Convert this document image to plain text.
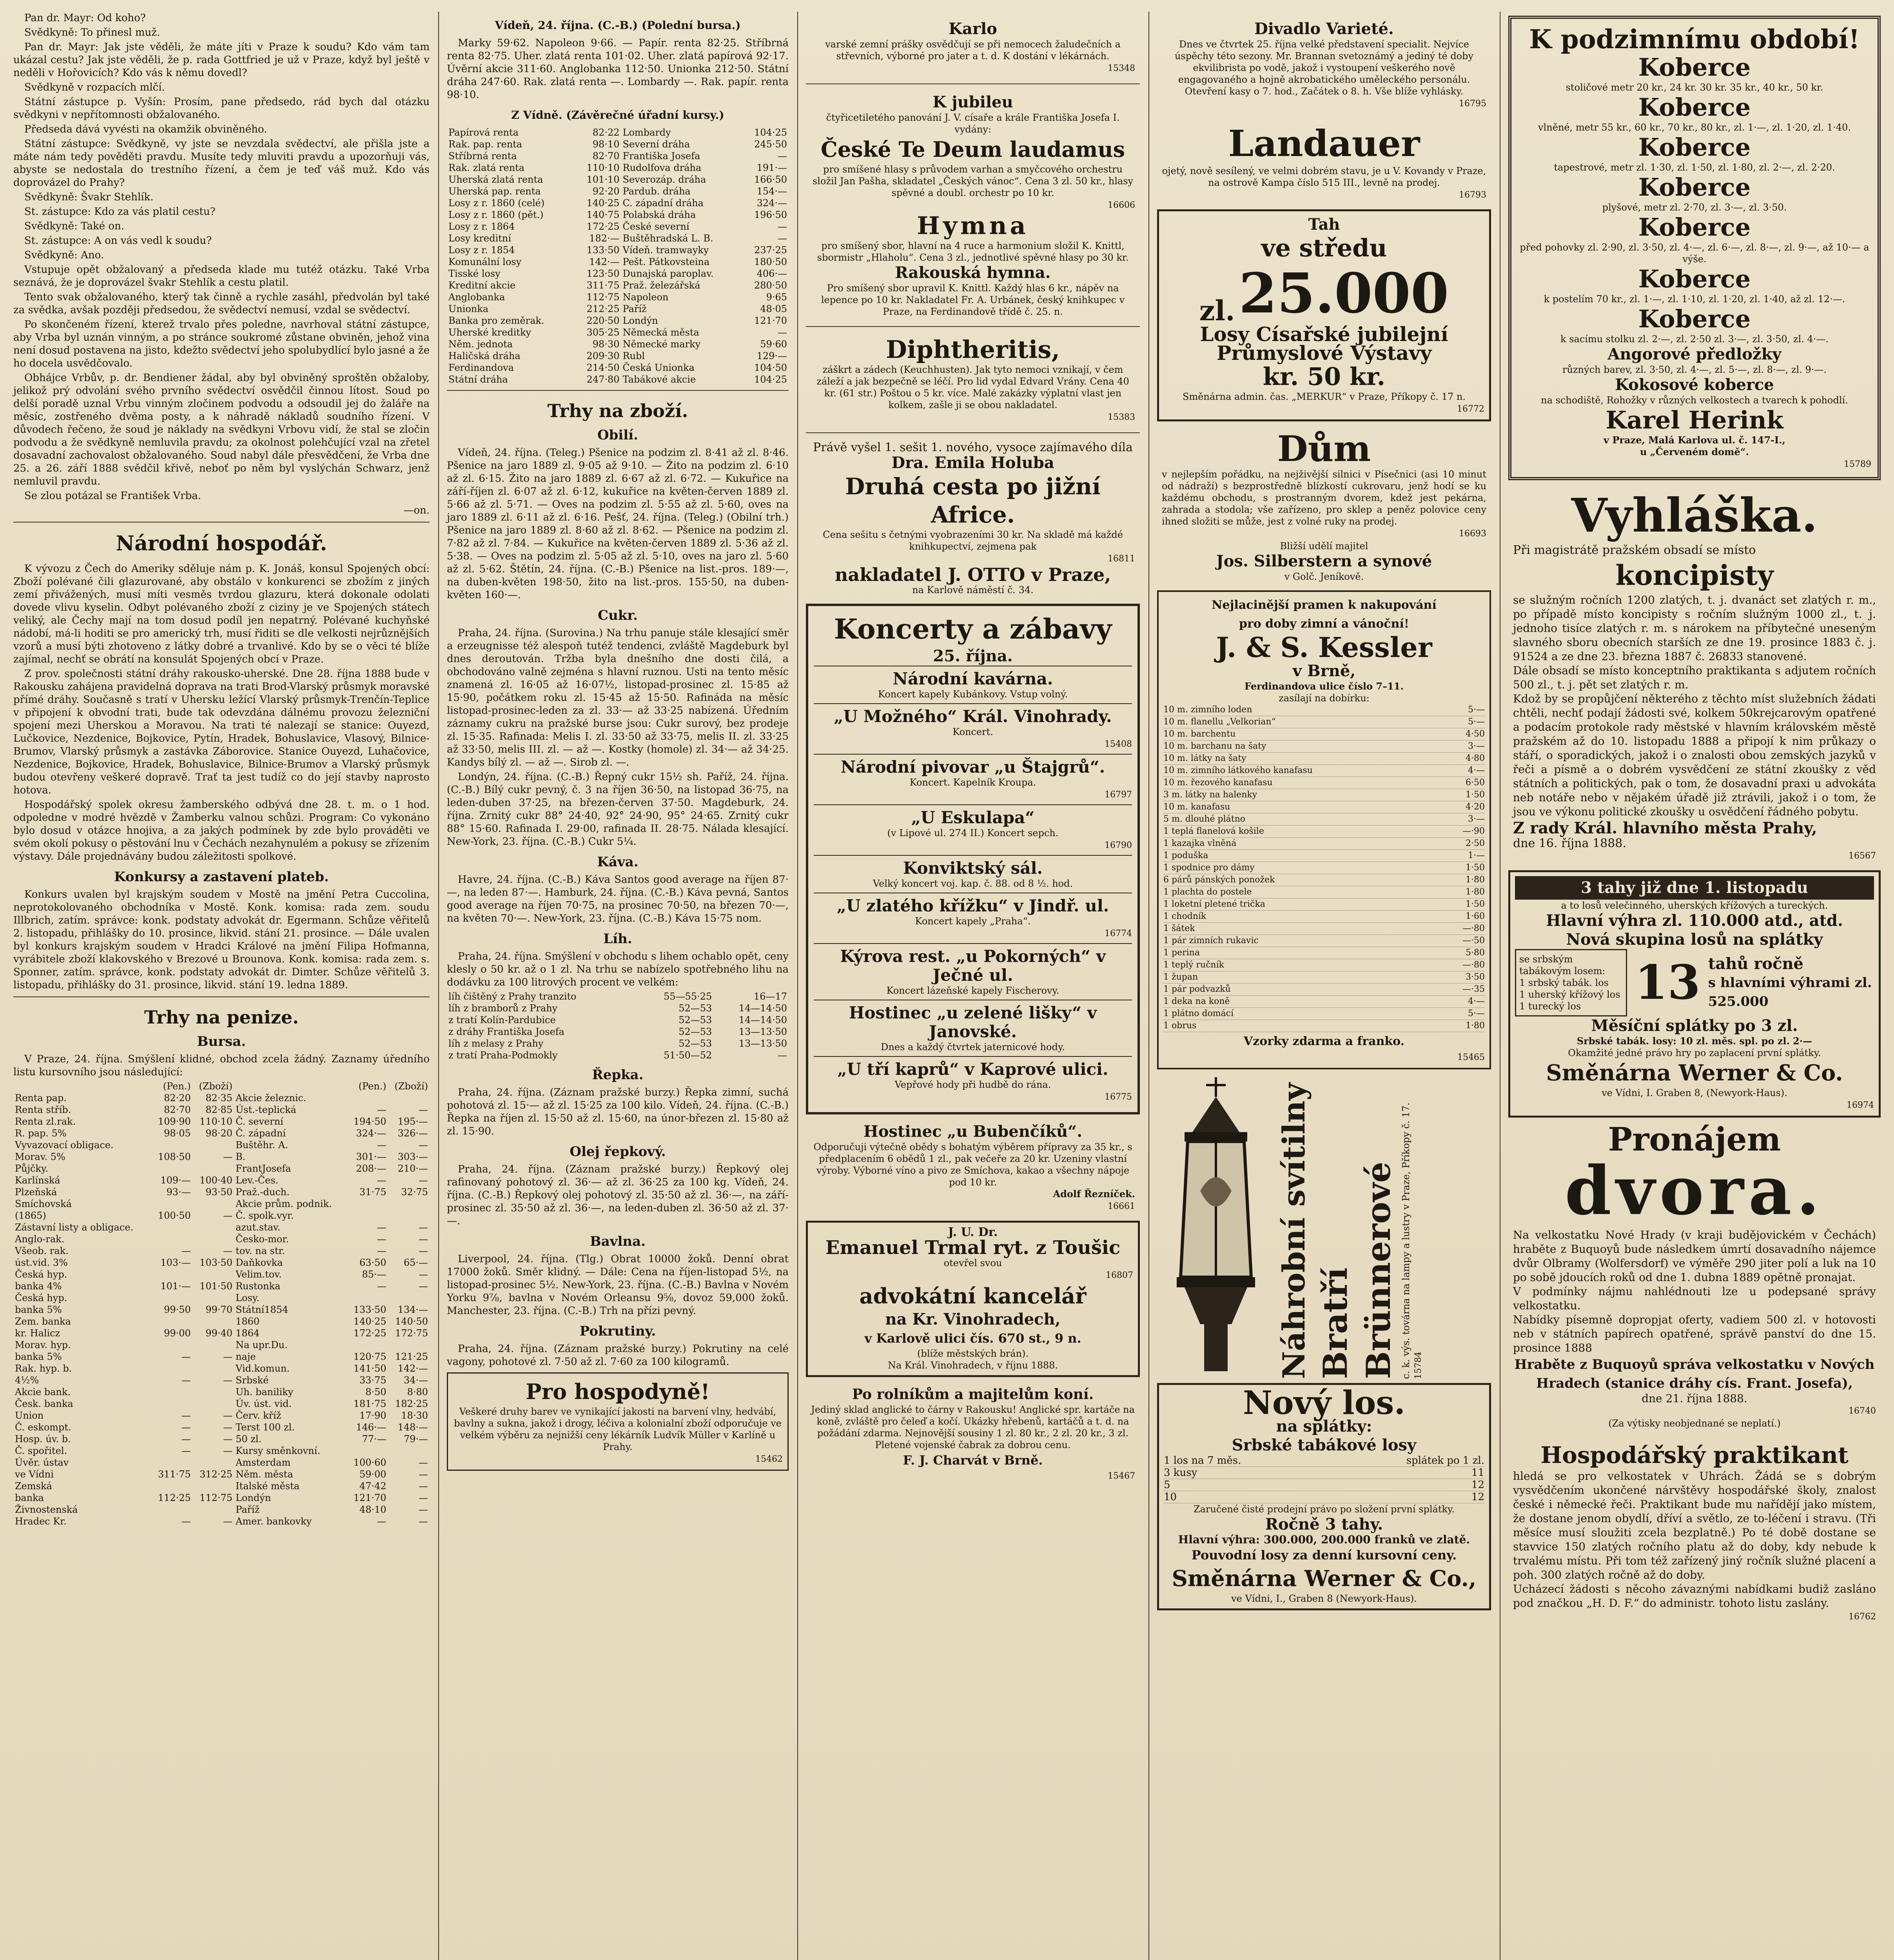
Pan dr. Mayr: Od koho?

Svědkyně: To přinesl muž.

Pan dr. Mayr: Jak jste věděli, že máte jíti v Praze k soudu? Kdo vám tam ukázal cestu? Jak jste věděli, že p. rada Gottfried je už v Praze, když byl ještě v neděli v Hořovicích? Kdo vás k němu dovedl?

Svědkyně v rozpacích mlčí.

Státní zástupce p. Vyšín: Prosím, pane předsedo, rád bych dal otázku svědkyni v nepřítomnosti obžalovaného.

Předseda dává vyvésti na okamžik obviněného.

Státní zástupce: Svědkyně, vy jste se nevzdala svědectví, ale přišla jste a máte nám tedy pověděti pravdu. Musíte tedy mluviti pravdu a upozorňuji vás, abyste se nedostala do trestního řízení, a čem je teď váš muž. Kdo vás doprovázel do Prahy?

Svědkyně: Švakr Stehlík.

St. zástupce: Kdo za vás platil cestu?

Svědkyně: Také on.

St. zástupce: A on vás vedl k soudu?

Svědkyně: Ano.

Vstupuje opět obžalovaný a předseda klade mu tutéž otázku. Také Vrba seznává, že je doprovázel švakr Stehlík a cestu platil.

Tento svak obžalovaného, ktery̌ tak činně a rychle zasáhl, předvolán byl také za svědka, avšak později předsedou, že svědectví nemusí, vzdal se svědectví.

Po skončeném řízení, kterež trvalo přes poledne, navrhoval státní zástupce, aby Vrba byl uznán vinným, a po stránce soukromé zůstane obviněn, jehož vina není dosud postavena na jisto, kdežto svědectví jeho spolubydlící bylo jasné a že ho docela usvědčovalo.

Obhájce Vrbův, p. dr. Bendiener žádal, aby byl obviněný sproštěn obžaloby, jelikož prý odvolání svého prvního svědectví osvědčil činnou lítost. Soud po delší poradě uznal Vrbu vinným zločinem podvodu a odsoudil jej do žaláře na měsíc, zostřeného dvěma posty, a k náhradě nákladů soudního řízení. V důvodech řečeno, že soud je náklady na svědkyni Vrbovu vidí, že stal se zločin podvodu a že svědkyně nemluvila pravdu; za okolnost polehčující vzal na zřetel dosavadní zachovalost obžalovaného. Soud nabyl dále přesvědčení, že Vrba dne 25. a 26. září 1888 svědčil křivě, neboť po něm byl vyslýchán Schwarz, jenž nemluvil pravdu.

Se zlou potázal se František Vrba.

—on.

Národní hospodář.

K vývozu z Čech do Ameriky sděluje nám p. K. Jonáš, konsul Spojených obcí: Zboží polévané čili glazurované, aby obstálo v konkurenci se zbožím z jiných zemí přivážených, musí míti vesměs tvrdou glazuru, která dokonale odolati dovede vlivu kyselin. Odbyt polévaného zboží z ciziny je ve Spojených státech veliký, ale Čechy mají na tom dosud podíl jen nepatrný. Polévané kuchyňské nádobí, má-li hoditi se pro americký trh, musí řiditi se dle velkosti nejrůznějších vzorů a musí býti zhotoveno z látky dobré a trvanlivé. Kdo by se o věci té blíže zajímal, nechť se obrátí na konsulát Spojených obcí v Praze.

Z prov. společnosti státní dráhy rakousko-uherské. Dne 28. října 1888 bude v Rakousku zahájena pravidelná doprava na trati Brod-Vlarský průsmyk moravské přímé dráhy. Současně s tratí v Uhersku ležící Vlarský průsmyk-Trenčín-Teplice v připojení k obvodní trati, bude tak odevzdána dálnému provozu železniční spojení mezi Uherskou a Moravou. Na trati té nalezají se stanice: Ouyezd, Lučkovice, Nezdenice, Bojkovice, Pytín, Hradek, Bohuslavice, Vlasový, Bilnice-Brumov, Vlarský průsmyk a zastávka Záborovice. Stanice Ouyezd, Luhačovice, Nezdenice, Bojkovice, Hradek, Bohuslavice, Bilnice-Brumov a Vlarský průsmyk budou otevřeny veškeré dopravě. Trať ta jest tudíž co do její stavby naprosto hotova.

Hospodářský spolek okresu žamberského odbývá dne 28. t. m. o 1 hod. odpoledne v modré hvězdě v Žamberku valnou schůzi. Program: Co vykonáno bylo dosud v otázce hnojiva, a za jakých podmínek by zde bylo prováděti ve svém okolí pokusy o pěstování lnu v Čechách nezahynulém a pokusy se zřízením výstavy. Dále projednávány budou záležitosti spolkové.

Konkursy a zastavení plateb.

Konkurs uvalen byl krajským soudem v Mostě na jmění Petra Cuccolina, neprotokolovaného obchodníka v Mostě. Konk. komisa: rada zem. soudu Illbrich, zatím. správce: konk. podstaty advokát dr. Egermann. Schůze věřitelů 2. listopadu, přihlášky do 10. prosince, likvid. stání 21. prosince. — Dále uvalen byl konkurs krajským soudem v Hradci Králové na jmění Filipa Hofmanna, vyrábitele zboží klakovského v Brezové u Brounova. Konk. komisa: rada zem. s. Sponner, zatím. správce, konk. podstaty advokát dr. Dimter. Schůze věřitelů 3. listopadu, přihlášky do 31. prosince, likvid. stání 19. ledna 1889.

Trhy na penize.
Bursa.

V Praze, 24. října. Smýšlení klidné, obchod zcela žádný. Zaznamy úředního listu kursovního jsou následující:

	(Pen.)	(Zboží)		(Pen.)	(Zboží)
Renta pap.	82·20	82·35	Akcie železnic.		
Renta stříb.	82·70	82·85	Úst.-teplická	—	—
Renta zl.rak.	109·90	110·10	Č. severní	194·50	195·—
R. pap. 5%	98·05	98·20	Č. západní	324·—	326·—
Vyvazovací obligace.			Buštěhr. A.	—	—
Morav. 5%	108·50	—	B.	301·—	303·—
Půjčky.			FrantJosefa	208·—	210·—
Karlínská	109·—	100·40	Lev.-Čes.	—	—
Plzeňská	93·—	93·50	Praž.-duch.	31·75	32·75
Smíchovská			Akcie prům. podnik.		
(1865)	100·50	—	Č. spolk.vyr.		
Zástavní listy a obligace.			azut.stav.	—	—
Anglo-rak.			Česko-mor.	—	—
Všeob. rak.	—	—	tov. na str.	—	—
úst.vid. 3%	103·—	103·50	Daňkovka	63·50	65·—
Česká hyp.			Velim.tov.	85·—	—
banka 4%	101·—	101·50	Rustonka	—	—
Česká hyp.			Losy.		
banka 5%	99·50	99·70	Státní1854	133·50	134·—
Zem. banka			1860	140·25	140·50
kr. Halicz	99·00	99·40	1864	172·25	172·75
Morav. hyp.			Na upr.Du.		
banka 5%	—	—	naje	120·75	121·25
Rak. hyp. b.			Vid.komun.	141·50	142·—
4½%	—	—	Srbské	33·75	34·—
Akcie bank.			Uh. baniliky	8·50	8·80
Česk. banka			Úv. úst. vid.	181·75	182·25
Union	—	—	Červ. kříž	17·90	18·30
Č. eskompt.	—	—	Terst 100 zl.	146·—	148·—
Hosp. úv. b.	—	—	50 zl.	77·—	79·—
Č. spořitel.	—	—	Kursy směnkovní.		
Úvěr. ústav			Amsterdam	100·60	—
ve Vídni	311·75	312·25	Něm. města	59·00	—
Zemská			Italské města	47·42	—
banka	112·25	112·75	Londýn	121·70	—
Živnostenská			Paříž	48·10	—
Hradec Kr.	—	—	Amer. bankovky	—	—
Vídeň, 24. října. (C.-B.) (Polední bursa.)

Marky 59·62. Napoleon 9·66. — Papír. renta 82·25. Stříbrná renta 82·75. Uher. zlatá renta 101·02. Uher. zlatá papírová 92·17. Úvěrní akcie 311·60. Anglobanka 112·50. Unionka 212·50. Státní dráha 247·60. Rak. zlatá renta —. Lombardy —. Rak. papír. renta 98·10.

Z Vídně. (Závěrečné úřadní kursy.)
Papírová renta	82·22	Lombardy	104·25
Rak. pap. renta	98·10	Severní dráha	245·50
Stříbrná renta	82·70	Františka Josefa	—
Rak. zlatá renta	110·10	Rudolfova dráha	191·—
Uherská zlatá renta	101·10	Severozáp. dráha	166·50
Uherská pap. renta	92·20	Pardub. dráha	154·—
Losy z r. 1860 (celé)	140·25	C. západní dráha	324·—
Losy z r. 1860 (pět.)	140·75	Polabská dráha	196·50
Losy z r. 1864	172·25	České severní	—
Losy kreditní	182·—	Buštěhradská L. B.	—
Losy z r. 1854	133·50	Vídeň. tramwayky	237·25
Komunální losy	142·—	Pešt. Pátkovsteina	180·50
Tisské losy	123·50	Dunajská paroplav.	406·—
Kreditní akcie	311·75	Praž. železářská	280·50
Anglobanka	112·75	Napoleon	9·65
Unionka	212·25	Paříž	48·05
Banka pro zeměrak.	220·50	Londýn	121·70
Uherské kreditky	305·25	Německá města	—
Něm. jednota	98·30	Německé marky	59·60
Haličská dráha	209·30	Rubl	129·—
Ferdinandova	214·50	Česká Unionka	104·50
Státní dráha	247·80	Tabákové akcie	104·25
Trhy na zboží.
Obilí.

Vídeň, 24. října. (Teleg.) Pšenice na podzim zl. 8·41 až zl. 8·46. Pšenice na jaro 1889 zl. 9·05 až 9·10. — Žito na podzim zl. 6·10 až zl. 6·15. Žito na jaro 1889 zl. 6·67 až zl. 6·72. — Kukuřice na září-říjen zl. 6·07 až zl. 6·12, kukuřice na květen-červen 1889 zl. 5·66 až zl. 5·71. — Oves na podzim zl. 5·55 až zl. 5·60, oves na jaro 1889 zl. 6·11 až zl. 6·16. Pešť, 24. října. (Teleg.) (Obilní trh.) Pšenice na jaro 1889 zl. 8·60 až zl. 8·62. — Pšenice na podzim zl. 7·82 až zl. 7·84. — Kukuřice na květen-červen 1889 zl. 5·36 až zl. 5·38. — Oves na podzim zl. 5·05 až zl. 5·10, oves na jaro zl. 5·60 až zl. 5·62. Štětín, 24. října. (C.-B.) Pšenice na list.-pros. 189·—, na duben-květen 198·50, žito na list.-pros. 155·50, na duben-květen 160·—.

Cukr.

Praha, 24. října. (Surovina.) Na trhu panuje stále klesající směr a erzeugnisse též alespoň tutéž tendenci, zvláště Magdeburk byl dnes deroutován. Tržba byla dnešního dne dosti čilá, a obchodováno valně zejména s hlavní ruznou. Usti na tento měsíc znamená zl. 16·05 až 16·07½, listopad-prosinec zl. 15·85 až 15·90, počátkem roku zl. 15·45 až 15·50. Rafináda na měsíc listopad-prosinec-leden za zl. 33·— až 33·25 nabízená. Úředním záznamy cukru na pražské burse jsou: Cukr surový, bez prodeje zl. 15·35. Rafinada: Melis I. zl. 33·50 až 33·75, melis II. zl. 33·25 až 33·50, melis III. zl. — až —. Kostky (homole) zl. 34·— až 34·25. Kandys bílý zl. — až —. Sirob zl. —.

Londýn, 24. října. (C.-B.) Řepný cukr 15½ sh. Paříž, 24. října. (C.-B.) Bílý cukr pevný, č. 3 na říjen 36·50, na listopad 36·75, na leden-duben 37·25, na březen-červen 37·50. Magdeburk, 24. října. Zrnitý cukr 88° 24·40, 92° 24·90, 95° 24·65. Zrnitý cukr 88° 15·60. Rafinada I. 29·00, rafinada II. 28·75. Nálada klesající. New-York, 23. října. (C.-B.) Cukr 5¼.

Káva.

Havre, 24. října. (C.-B.) Káva Santos good average na říjen 87·—, na leden 87·—. Hamburk, 24. října. (C.-B.) Káva pevná, Santos good average na říjen 70·75, na prosinec 70·50, na březen 70·—, na květen 70·—. New-York, 23. října. (C.-B.) Káva 15·75 nom.

Líh.

Praha, 24. října. Smýšlení v obchodu s lihem ochablo opět, ceny klesly o 50 kr. až o 1 zl. Na trhu se nabízelo spotřebného lihu na dodávku za 100 litrových procent ve velkém:

líh čištěný z Prahy tranzito	55—55·25	16—17
líh z bramborů z Prahy	52—53	14—14·50
z tratí Kolín-Pardubice	52—53	14—14·50
z dráhy Františka Josefa	52—53	13—13·50
líh z melasy z Prahy	52—53	13—13·50
z tratí Praha-Podmokly	51·50—52	—
Řepka.

Praha, 24. října. (Záznam pražské burzy.) Řepka zimní, suchá pohotová zl. 15·— až zl. 15·25 za 100 kilo. Vídeň, 24. října. (C.-B.) Řepka na říjen zl. 15·50 až zl. 15·60, na únor-březen zl. 15·80 až zl. 15·90.

Olej řepkový.

Praha, 24. října. (Záznam pražské burzy.) Řepkový olej rafinovaný pohotový zl. 36·— až zl. 36·25 za 100 kg. Vídeň, 24. října. (C.-B.) Řepkový olej pohotový zl. 35·50 až zl. 36·—, na září-prosinec zl. 35·50 až zl. 36·—, na leden-duben zl. 36·50 až zl. 37·—.

Bavlna.

Liverpool, 24. října. (Tlg.) Obrat 10000 žoků. Denní obrat 17000 žoků. Směr klidný. — Dále: Cena na říjen-listopad 5½, na listopad-prosinec 5½. New-York, 23. října. (C.-B.) Bavlna v Novém Yorku 9⅞, bavlna v Novém Orleansu 9⅝, dovoz 59,000 žoků. Manchester, 23. října. (C.-B.) Trh na přízi pevný.

Pokrutiny.

Praha, 24. října. (Záznam pražské burzy.) Pokrutiny na celé vagony, pohotové zl. 7·50 až zl. 7·60 za 100 kilogramů.

Pro hospodyně!
Veškeré druhy barev ve vynikající jakosti na barvení vlny, hedvábí, bavlny a sukna, jakož i drogy, léčiva a kolonialní zboží odporučuje ve velkém výběru za nejnižší ceny lékárník Ludvík Müller v Karlíně u Prahy.
15462
Karlo
varské zemní prášky osvědčují se při nemocech žaludečních a střevních, výborné pro jater a t. d. K dostání v lékárnách.
15348
K jubileu
čtyřicetiletého panování J. V. císaře a krále Františka Josefa I. vydány:
České Te Deum laudamus
pro smíšené hlasy s průvodem varhan a smyčcového orchestru složil Jan Pašha, skladatel „Českých vánoc“. Cena 3 zl. 50 kr., hlasy spěvné a doubl. orchestr po 10 kr.
16606
Hymna
pro smíšený sbor, hlavní na 4 ruce a harmonium složil K. Knittl, sbormistr „Hlaholu“. Cena 3 zl., jednotlivé spěvné hlasy po 30 kr.
Rakouská hymna.
Pro smíšený sbor upravil K. Knittl. Každý hlas 6 kr., nápěv na lepence po 10 kr. Nakladatel Fr. A. Urbánek, český knihkupec v Praze, na Ferdinandově třídě č. 25. n.
Diphtheritis,
záškrt a zádech (Keuchhusten). Jak tyto nemoci vznikají, v čem záleží a jak bezpečně se léčí. Pro lid vydal Edvard Vrány. Cena 40 kr. (61 str.) Poštou o 5 kr. více. Malé zakázky výplatní vlast jen kolkem, zašle ji se obou nakladatel.
15383
Právě vyšel 1. sešit 1. nového, vysoce zajímavého díla
Dra. Emila Holuba
Druhá cesta po jižní Africe.
Cena sešitu s četnými vyobrazeními 30 kr. Na skladě má každé knihkupectví, zejmena pak
16811
nakladatel J. OTTO v Praze,
na Karlově náměstí č. 34.
Koncerty a zábavy
25. října.
Národní kavárna.
Koncert kapely Kubánkovy. Vstup volný.
„U Možného“ Král. Vinohrady.
Koncert.
15408
Národní pivovar „u Štajgrů“.
Koncert. Kapelník Kroupa.
16797
„U Eskulapa“
(v Lipové ul. 274 II.) Koncert sepch.
16790
Konviktský sál.
Velký koncert voj. kap. č. 88. od 8 ½. hod.
„U zlatého křížku“ v Jindř. ul.
Koncert kapely „Praha“.
16774
Kýrova rest. „u Pokorných“ v Ječné ul.
Koncert lázeňské kapely Fischerovy.
Hostinec „u zelené lišky“ v Janovské.
Dnes a každý čtvrtek jaternicové hody.
„U tří kaprů“ v Kaprové ulici.
Vepřové hody při hudbě do rána.
16775
Hostinec „u Bubenčíků“.
Odporučuji výtečně obědy s bohatým výběrem přípravy za 35 kr., s předplacením 6 obědů 1 zl., pak večeře za 20 kr. Uzeniny vlastní výroby. Výborné víno a pivo ze Smíchova, kakao a všechny nápoje pod 10 kr.
Adolf Řezníček.
16661
J. U. Dr.
Emanuel Trmal ryt. z Toušic
otevřel svou
16807
advokátní kancelář
na Kr. Vinohradech,
v Karlově ulici čís. 670 st., 9 n.
(blíže městských brán).
Na Král. Vinohradech, v říjnu 1888.
Po rolníkům a majitelům koní.
Jediný sklad anglické to čárny v Rakousku! Anglické spr. kartáče na koně, zvláště pro čeleď a kočí. Ukázky hřebenů, kartáčů a t. d. na požádání zdarma. Nejnovější sousiny 1 zl. 80 kr., 2 zl. 20 kr., 3 zl. Pletené vojenské čabrak za dobrou cenu.
F. J. Charvát v Brně.
15467
Divadlo Varieté.
Dnes ve čtvrtek 25. října velké představení specialit. Nejvíce úspěchy této sezony. Mr. Brannan svetoznámý a jediný té doby ekvilibrista po vodě, jakož i vystoupení veškerého nově engagovaného a hojně akrobatického uměleckého personálu. Otevření kasy o 7. hod., Začátek o 8. h. Vše blíže vyhlásky.
16795
Landauer
ojetý, nově sesílený, ve velmi dobrém stavu, je u V. Kovandy v Praze, na ostrově Kampa číslo 515 III., levně na prodej.
16793
Tah
ve středu
zl. 25.000
Losy Císařské jubilejní
Průmyslové Výstavy
kr. 50 kr.
Směnárna admin. čas. „MERKUR“ v Praze, Příkopy č. 17 n.
16772
Dům
v nejlepším pořádku, na nejživější silnici v Písečnici (asi 10 minut od nádraží) s bezprostředně blízkostí cukrovaru, jenž hodí se ku každému obchodu, s prostranným dvorem, kdež jest pekárna, zahrada a stodola; vše zařízeno, pro sklep a peněz polovice ceny ihned složiti se může, jest z volné ruky na prodej.
16693
Bližší udělí majitel
Jos. Silberstern a synové
v Golč. Jeníkově.
Nejlacinější pramen k nakupování
pro doby zimní a vánoční!
J. & S. Kessler
v Brně,
Ferdinandova ulice číslo 7–11.
zasílají na dobírku:
10 m. zimního loden	5·—
10 m. flanellu „Velkorian“	5·—
10 m. barchentu	4·50
10 m. barchanu na šaty	3·—
10 m. látky na šaty	4·80
10 m. zimního látkového kanafasu	4·—
10 m. řezového kanafasu	6·50
3 m. látky na halenky	1·50
10 m. kanafasu	4·20
5 m. dlouhé plátno	3·—
1 teplá flanelová košile	—·90
1 kazajka vlněná	2·50
1 poduška	1·—
1 spodnice pro dámy	1·50
6 párů pánských ponožek	1·80
1 plachta do postele	1·80
1 loketní pletené trička	1·50
1 chodník	1·60
1 šátek	—·80
1 pár zimních rukavic	—·50
1 perina	5·80
1 teplý ručník	—·80
1 župan	3·50
1 pár podvazků	—·35
1 deka na koně	4·—
1 plátno domácí	5·—
1 obrus	1·80
Vzorky zdarma a franko.
15465
Náhrobní svítilny Bratří Brünnerové c. k. výs. továrna na lampy a lustry v Praze, Příkopy č. 17. 15784
Nový los.
na splátky:
Srbské tabákové losy
1 los na 7 měs.	splátek po 1 zl.
3 kusy	11
5	12
10	12
Zaručené čisté prodejní právo po složení první splátky.
Ročně 3 tahy.
Hlavní výhra: 300.000, 200.000 franků ve zlatě.
Pouvodní losy za denní kursovní ceny.
Směnárna Werner & Co.,
ve Vídni, I., Graben 8 (Newyork-Haus).
K podzimnímu období!
Koberce
stoličové metr 20 kr., 24 kr. 30 kr. 35 kr., 40 kr., 50 kr.
Koberce
vlněné, metr 55 kr., 60 kr., 70 kr., 80 kr., zl. 1·—, zl. 1·20, zl. 1·40.
Koberce
tapestrové, metr zl. 1·30, zl. 1·50, zl. 1·80, zl. 2·—, zl. 2·20.
Koberce
plyšové, metr zl. 2·70, zl. 3·—, zl. 3·50.
Koberce
před pohovky zl. 2·90, zl. 3·50, zl. 4·—, zl. 6·—, zl. 8·—, zl. 9·—, až 10·— a výše.
Koberce
k postelím 70 kr., zl. 1·—, zl. 1·10, zl. 1·20, zl. 1·40, až zl. 12·—.
Koberce
k sacímu stolku zl. 2·—, zl. 2·50 zl. 3·—, zl. 3·50, zl. 4·—.
Angorové předložky
různých barev, zl. 3·50, zl. 4·—, zl. 5·—, zl. 8·—, zl. 9·—.
Kokosové koberce
na schodiště, Rohožky v různých velkostech a tvarech k pohodlí.
Karel Herink
v Praze, Malá Karlova ul. č. 147-I.,
u „Červeném domě“.
15789
Vyhláška.
Při magistrátě pražském obsadí se místo
koncipisty
se služným ročních 1200 zlatých, t. j. dvanáct set zlatých r. m., po případě místo koncipisty s ročním služným 1000 zl., t. j. jednoho tisíce zlatých r. m. s nárokem na příbytečné uneseným slavného sboru obecních starších ze dne 19. prosince 1883 č. j. 91524 a ze dne 23. března 1887 č. 26833 stanovené.
Dále obsadí se místo konceptního praktikanta s adjutem ročních 500 zl., t. j. pět set zlatých r. m.
Kdož by se propůjčení některého z těchto míst služebních žádati chtěli, nechť podají žádosti své, kolkem 50krejcarovým opatřené a podacím protokole rady městské v hlavním královském městě pražském až do 10. listopadu 1888 a připojí k nim průkazy o stáří, o sporadických, jakož i o znalosti obou zemských jazyků v řeči a písmě a o dobrém vysvědčení ze státní zkoušky z věd státních a politických, pak o tom, že dosavadní praxi u advokáta neb notáře nebo v nějakém úřadě již ztrávili, jakož i o tom, že jsou ve výkonu politické zkoušky u osvědčení řádného pobytu.
Z rady Král. hlavního města Prahy,
dne 16. října 1888.
16567
3 tahy již dne 1. listopadu
a to losů velečinného, uherských křížových a tureckých.
Hlavní výhra zl. 110.000 atd., atd.
Nová skupina losů na splátky
se srbským tabákovým losem:
1 srbský tabák. los
1 uherský křížový los
1 turecký los	13 tahů ročně
s hlavními výhrami zl. 525.000
Měsíční splátky po 3 zl.
Srbské tabák. losy: 10 zl. měs. spl. po zl. 2·—
Okamžité jedné právo hry po zaplacení první splátky.
Směnárna Werner & Co.
ve Vídni, I. Graben 8, (Newyork-Haus).
16974
Pronájem
dvora.
Na velkostatku Nové Hrady (v kraji budějovickém v Čechách) hraběte z Buquoyů bude následkem úmrtí dosavadního nájemce dvůr Olbramy (Wolfersdorf) ve výměře 290 jiter polí a luk na 10 po sobě jdoucích roků od dne 1. dubna 1889 opětně pronajat.
V podmínky nájmu nahlédnouti lze u podepsané správy velkostatku.
Nabídky písemně dopropjat oferty, vadiem 500 zl. v hotovosti neb v státních papírech opatřené, správě panství do dne 15. prosince 1888
Hraběte z Buquoyů správa velkostatku v Nových Hradech (stanice dráhy cís. Frant. Josefa),
dne 21. října 1888.
16740
(Za výtisky neobjednané se neplatí.)
Hospodářský praktikant
hledá se pro velkostatek v Uhrách. Žádá se s dobrým vysvědčením ukončené nárvštěvy hospodářské školy, znalost české i německé řeči. Praktikant bude mu nařídějí jako místem, že dostane jenom obydlí, dříví a světlo, ze to-léčení i stravu. (Tři měsíce musí sloužiti zcela bezplatně.) Po té době dostane se stavvice 150 zlatých ročního platu až do doby, kdy nebude k trvalému místu. Při tom též zařízený jiný ročník služné placení a poh. 300 zlatých ročně až do doby.
Ucházecí žádosti s něcoho závaznými nabídkami budiž zasláno pod značkou „H. D. F.“ do administr. tohoto listu zaslány.
16762
